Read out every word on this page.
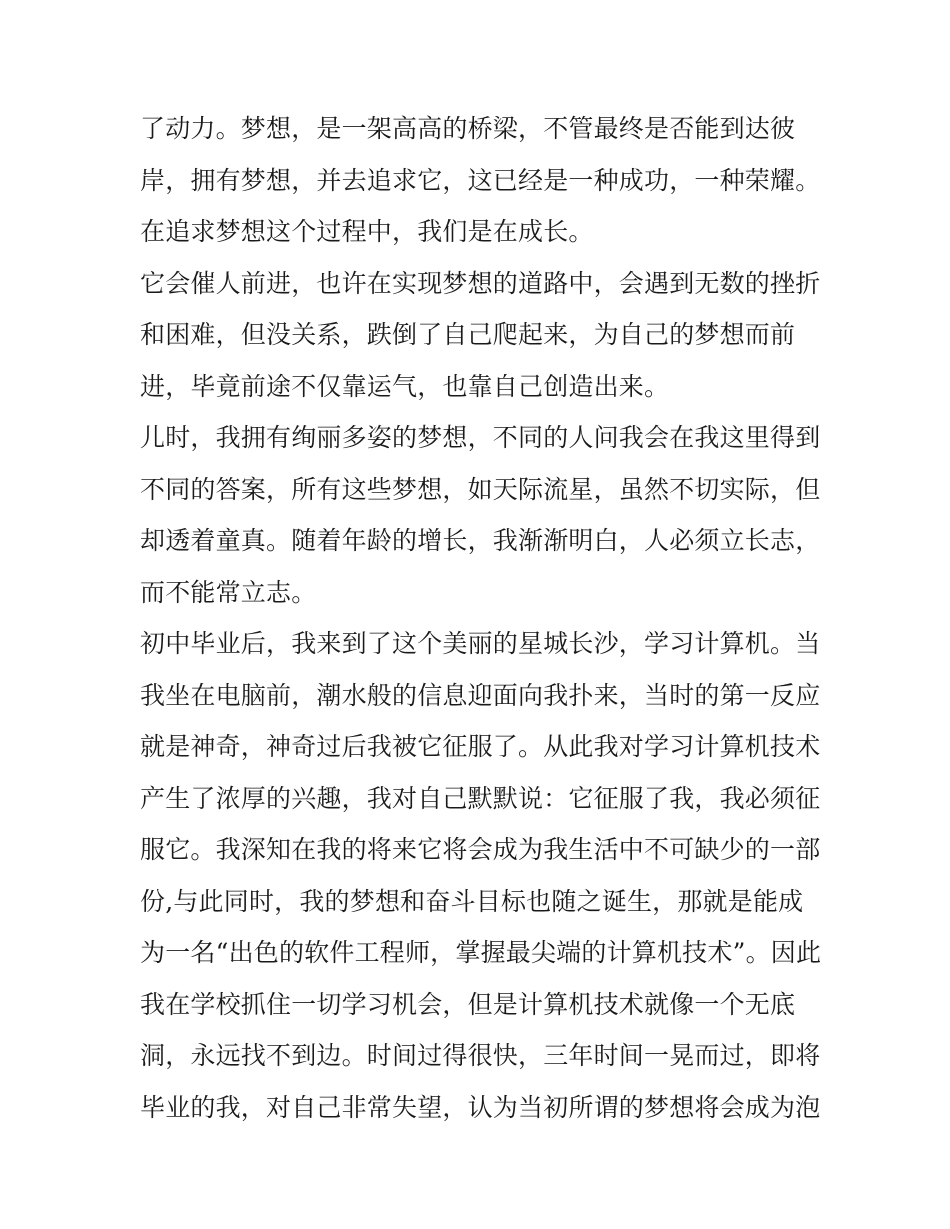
了动力。梦想，是一架高高的桥梁，不管最终是否能到达彼
岸，拥有梦想，并去追求它，这已经是一种成功，一种荣耀。
在追求梦想这个过程中，我们是在成长。
它会催人前进，也许在实现梦想的道路中，会遇到无数的挫折
和困难，但没关系，跌倒了自己爬起来，为自己的梦想而前
进，毕竟前途不仅靠运气，也靠自己创造出来。
儿时，我拥有绚丽多姿的梦想，不同的人问我会在我这里得到
不同的答案，所有这些梦想，如天际流星，虽然不切实际，但
却透着童真。随着年龄的增长，我渐渐明白，人必须立长志，
而不能常立志。
初中毕业后，我来到了这个美丽的星城长沙，学习计算机。当
我坐在电脑前，潮水般的信息迎面向我扑来，当时的第一反应
就是神奇，神奇过后我被它征服了。从此我对学习计算机技术
产生了浓厚的兴趣，我对自己默默说：它征服了我，我必须征
服它。我深知在我的将来它将会成为我生活中不可缺少的一部
份,与此同时，我的梦想和奋斗目标也随之诞生，那就是能成
为一名“出色的软件工程师，掌握最尖端的计算机技术”。因此
我在学校抓住一切学习机会，但是计算机技术就像一个无底
洞，永远找不到边。时间过得很快，三年时间一晃而过，即将
毕业的我，对自己非常失望，认为当初所谓的梦想将会成为泡
